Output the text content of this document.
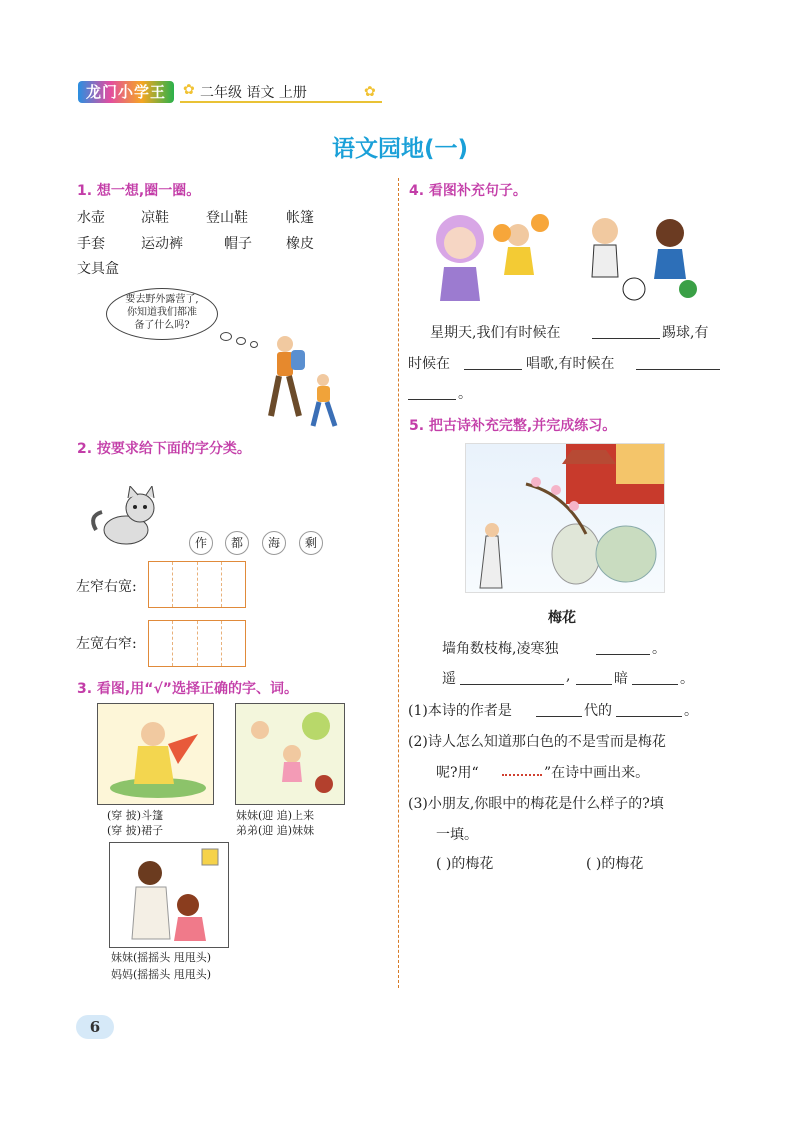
龙门小学王	✿ 二年级 语文 上册	✿
语文园地(一)
1. 想一想,圈一圈。
水壶	凉鞋	登山鞋	帐篷
手套	运动裤	帽子 橡皮
文具盒
要去野外露营了,
你知道我们都准
备了什么吗?
2. 按要求给下面的字分类。
作	都	海	剩
左窄右宽:
左宽右窄:
3. 看图,用“√”选择正确的字、词。
(穿 披)斗篷
(穿 披)裙子
妹妹(迎 追)上来
弟弟(迎 追)妹妹
妹妹(摇摇头 甩甩头)
妈妈(摇摇头 甩甩头)
4. 看图补充句子。
星期天,我们有时候在	踢球,有
时候在	唱歌,有时候在
。
5. 把古诗补充完整,并完成练习。
梅花
墙角数枝梅,凌寒独	。
遥	,	暗	。
(1)本诗的作者是	代的	。
(2)诗人怎么知道那白色的不是雪而是梅花
呢?用“	”在诗中画出来。
(3)小朋友,你眼中的梅花是什么样子的?填
一填。
( )的梅花	( )的梅花
6
